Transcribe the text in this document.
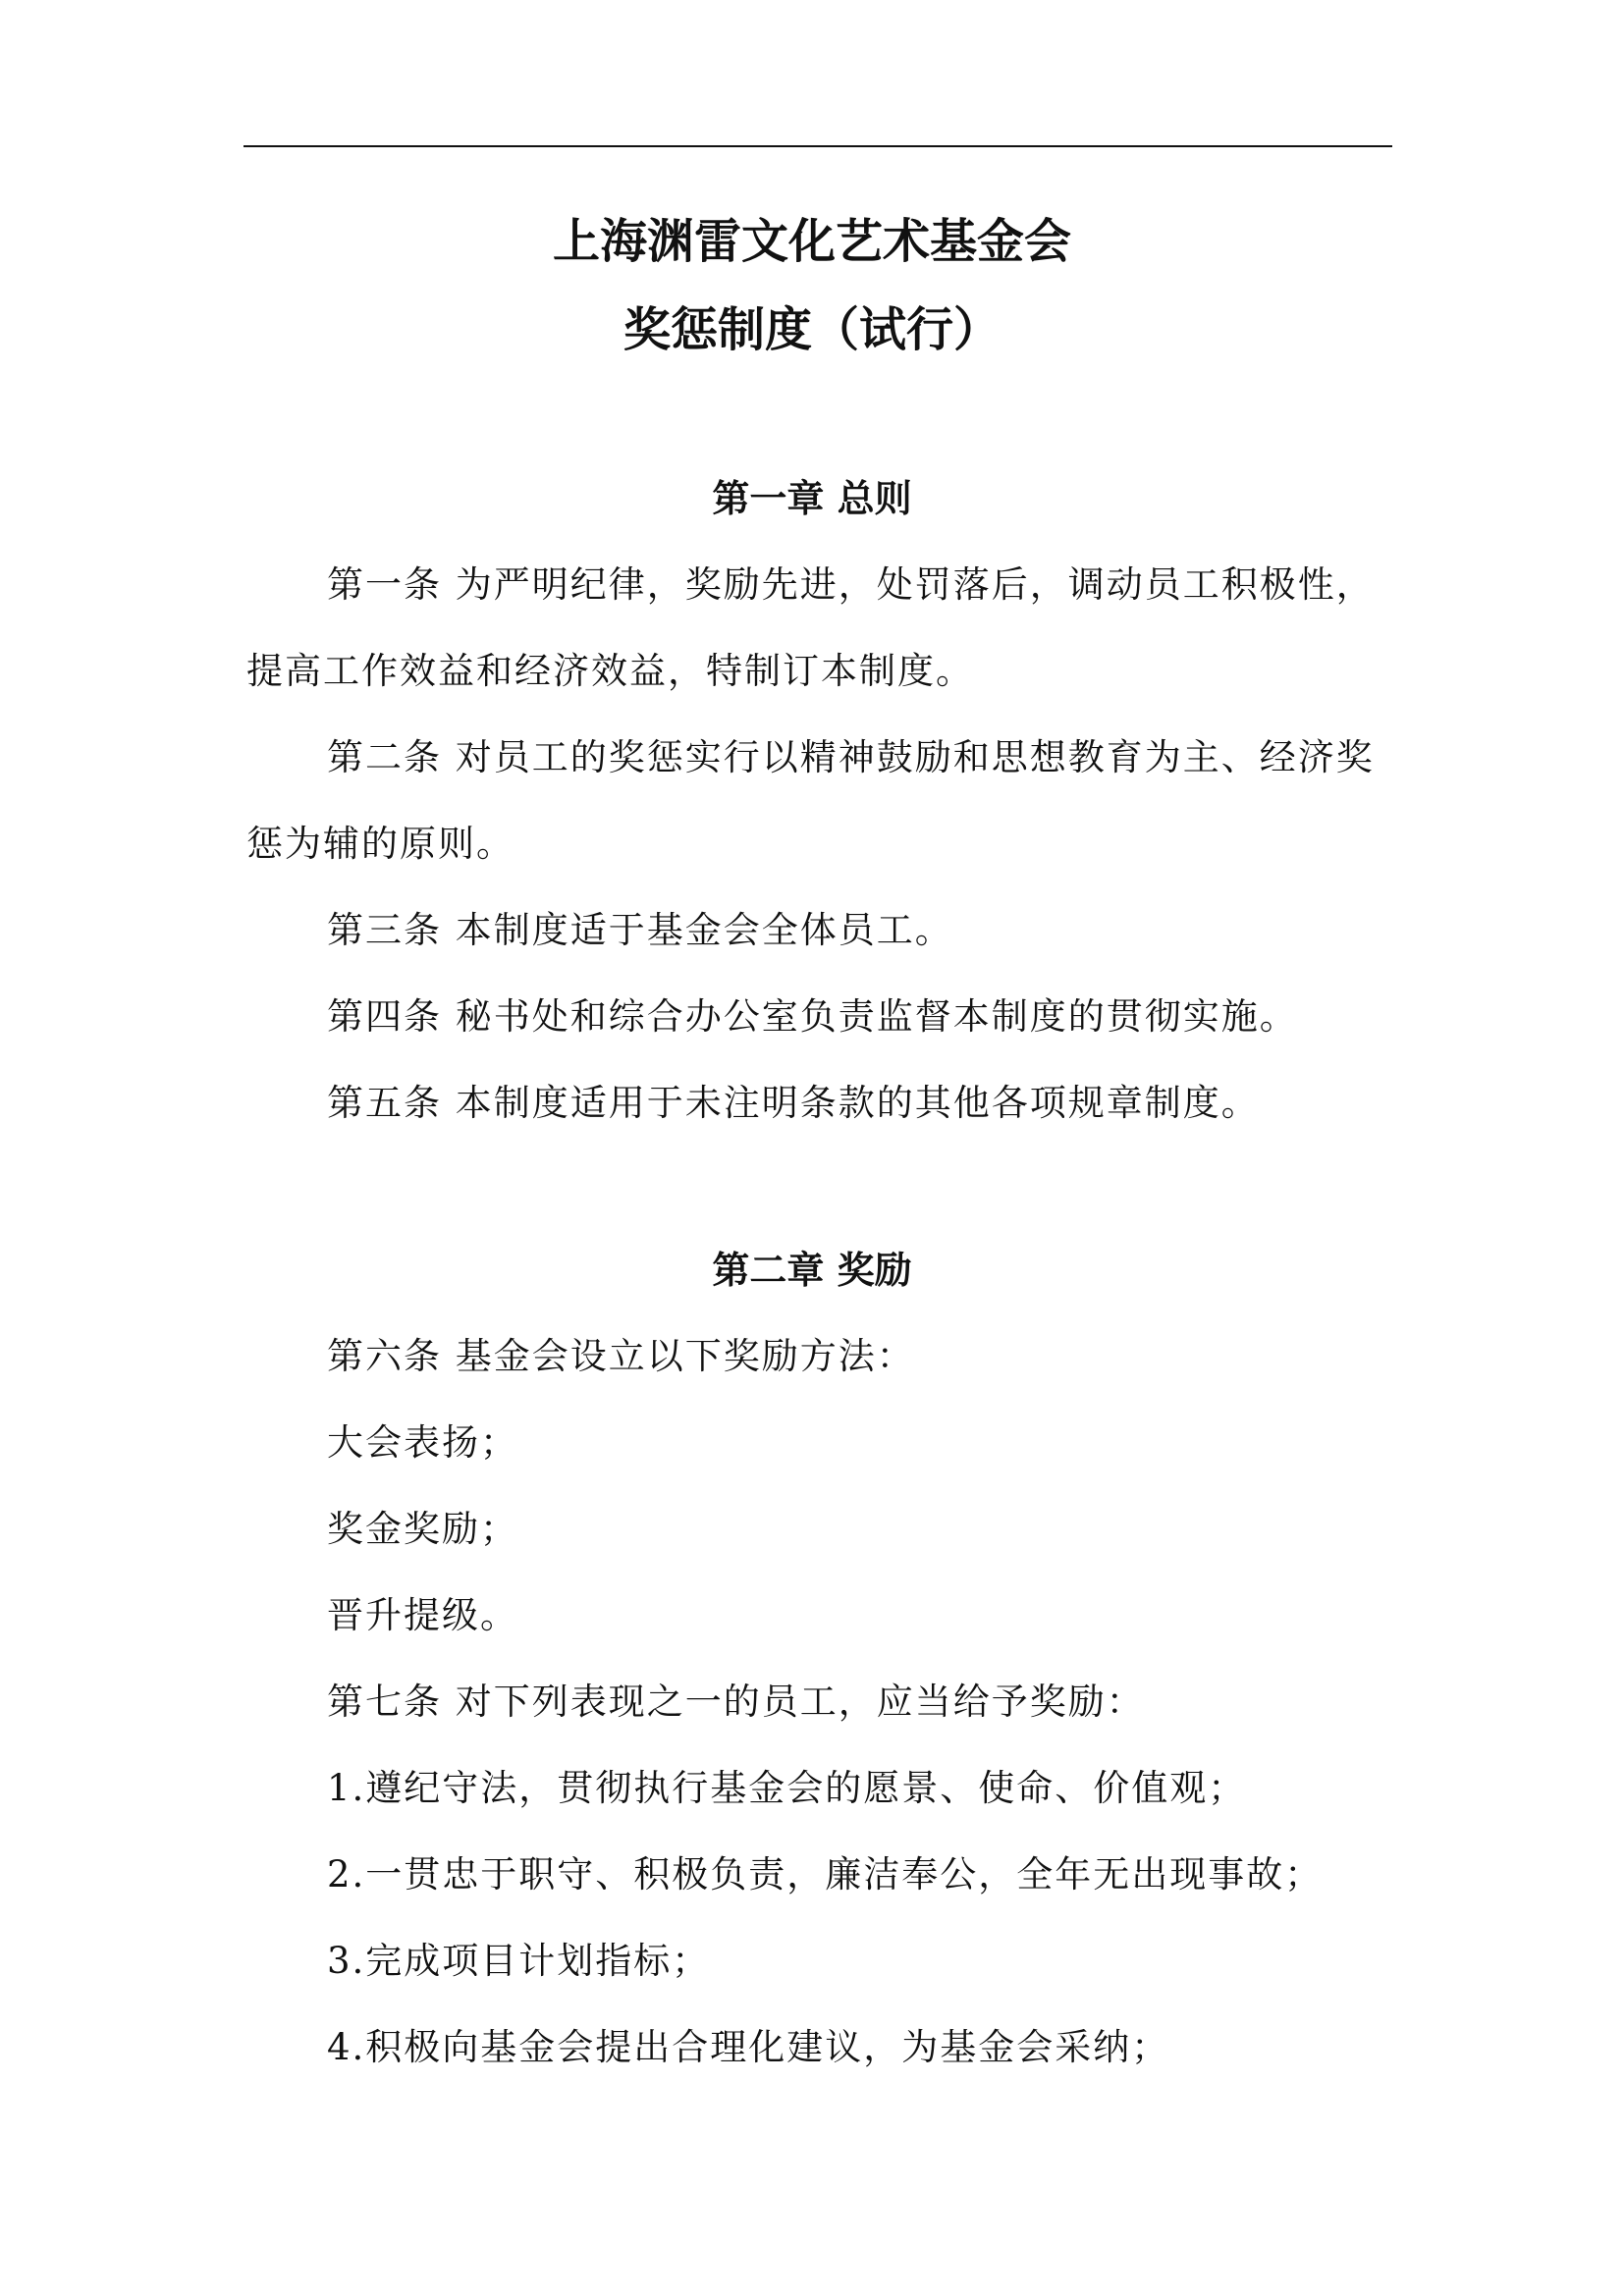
上海渊雷文化艺术基金会
奖惩制度（试行）
第一章 总则
第一条 为严明纪律，奖励先进，处罚落后，调动员工积极性，
提高工作效益和经济效益，特制订本制度。
第二条 对员工的奖惩实行以精神鼓励和思想教育为主、经济奖
惩为辅的原则。
第三条 本制度适于基金会全体员工。
第四条 秘书处和综合办公室负责监督本制度的贯彻实施。
第五条 本制度适用于未注明条款的其他各项规章制度。
第二章 奖励
第六条 基金会设立以下奖励方法：
大会表扬；
奖金奖励；
晋升提级。
第七条 对下列表现之一的员工，应当给予奖励：
1.遵纪守法，贯彻执行基金会的愿景、使命、价值观；
2.一贯忠于职守、积极负责，廉洁奉公，全年无出现事故；
3.完成项目计划指标；
4.积极向基金会提出合理化建议，为基金会采纳；
